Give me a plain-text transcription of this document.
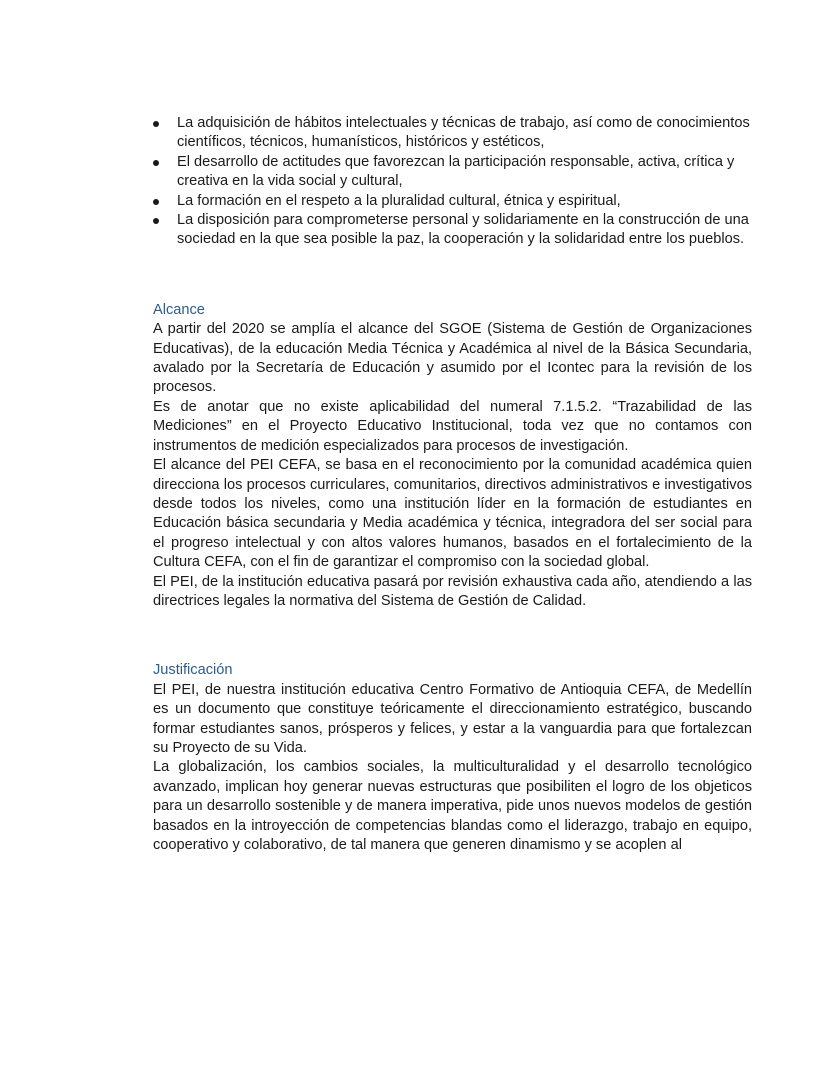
La adquisición de hábitos intelectuales y técnicas de trabajo, así como de conocimientos científicos, técnicos, humanísticos, históricos y estéticos,
El desarrollo de actitudes que favorezcan la participación responsable, activa, crítica y creativa en la vida social y cultural,
La formación en el respeto a la pluralidad cultural, étnica y espiritual,
La disposición para comprometerse personal y solidariamente en la construcción de una sociedad en la que sea posible la paz, la cooperación y la solidaridad entre los pueblos.
Alcance

A partir del 2020 se amplía el alcance del SGOE (Sistema de Gestión de Organizaciones Educativas), de la educación Media Técnica y Académica al nivel de la Básica Secundaria, avalado por la Secretaría de Educación y asumido por el Icontec para la revisión de los procesos.

Es de anotar que no existe aplicabilidad del numeral 7.1.5.2. “Trazabilidad de las Mediciones” en el Proyecto Educativo Institucional, toda vez que no contamos con instrumentos de medición especializados para procesos de investigación.

El alcance del PEI CEFA, se basa en el reconocimiento por la comunidad académica quien direcciona los procesos curriculares, comunitarios, directivos administrativos e investigativos desde todos los niveles, como una institución líder en la formación de estudiantes en Educación básica secundaria y Media académica y técnica, integradora del ser social para el progreso intelectual y con altos valores humanos, basados en el fortalecimiento de la Cultura CEFA, con el fin de garantizar el compromiso con la sociedad global.

El PEI, de la institución educativa pasará por revisión exhaustiva cada año, atendiendo a las directrices legales la normativa del Sistema de Gestión de Calidad.

Justificación

El PEI, de nuestra institución educativa Centro Formativo de Antioquia CEFA, de Medellín es un documento que constituye teóricamente el direccionamiento estratégico, buscando formar estudiantes sanos, prósperos y felices, y estar a la vanguardia para que fortalezcan su Proyecto de su Vida.

La globalización, los cambios sociales, la multiculturalidad y el desarrollo tecnológico avanzado, implican hoy generar nuevas estructuras que posibiliten el logro de los objeticos para un desarrollo sostenible y de manera imperativa, pide unos nuevos modelos de gestión basados en la introyección de competencias blandas como el liderazgo, trabajo en equipo, cooperativo y colaborativo, de tal manera que generen dinamismo y se acoplen al
